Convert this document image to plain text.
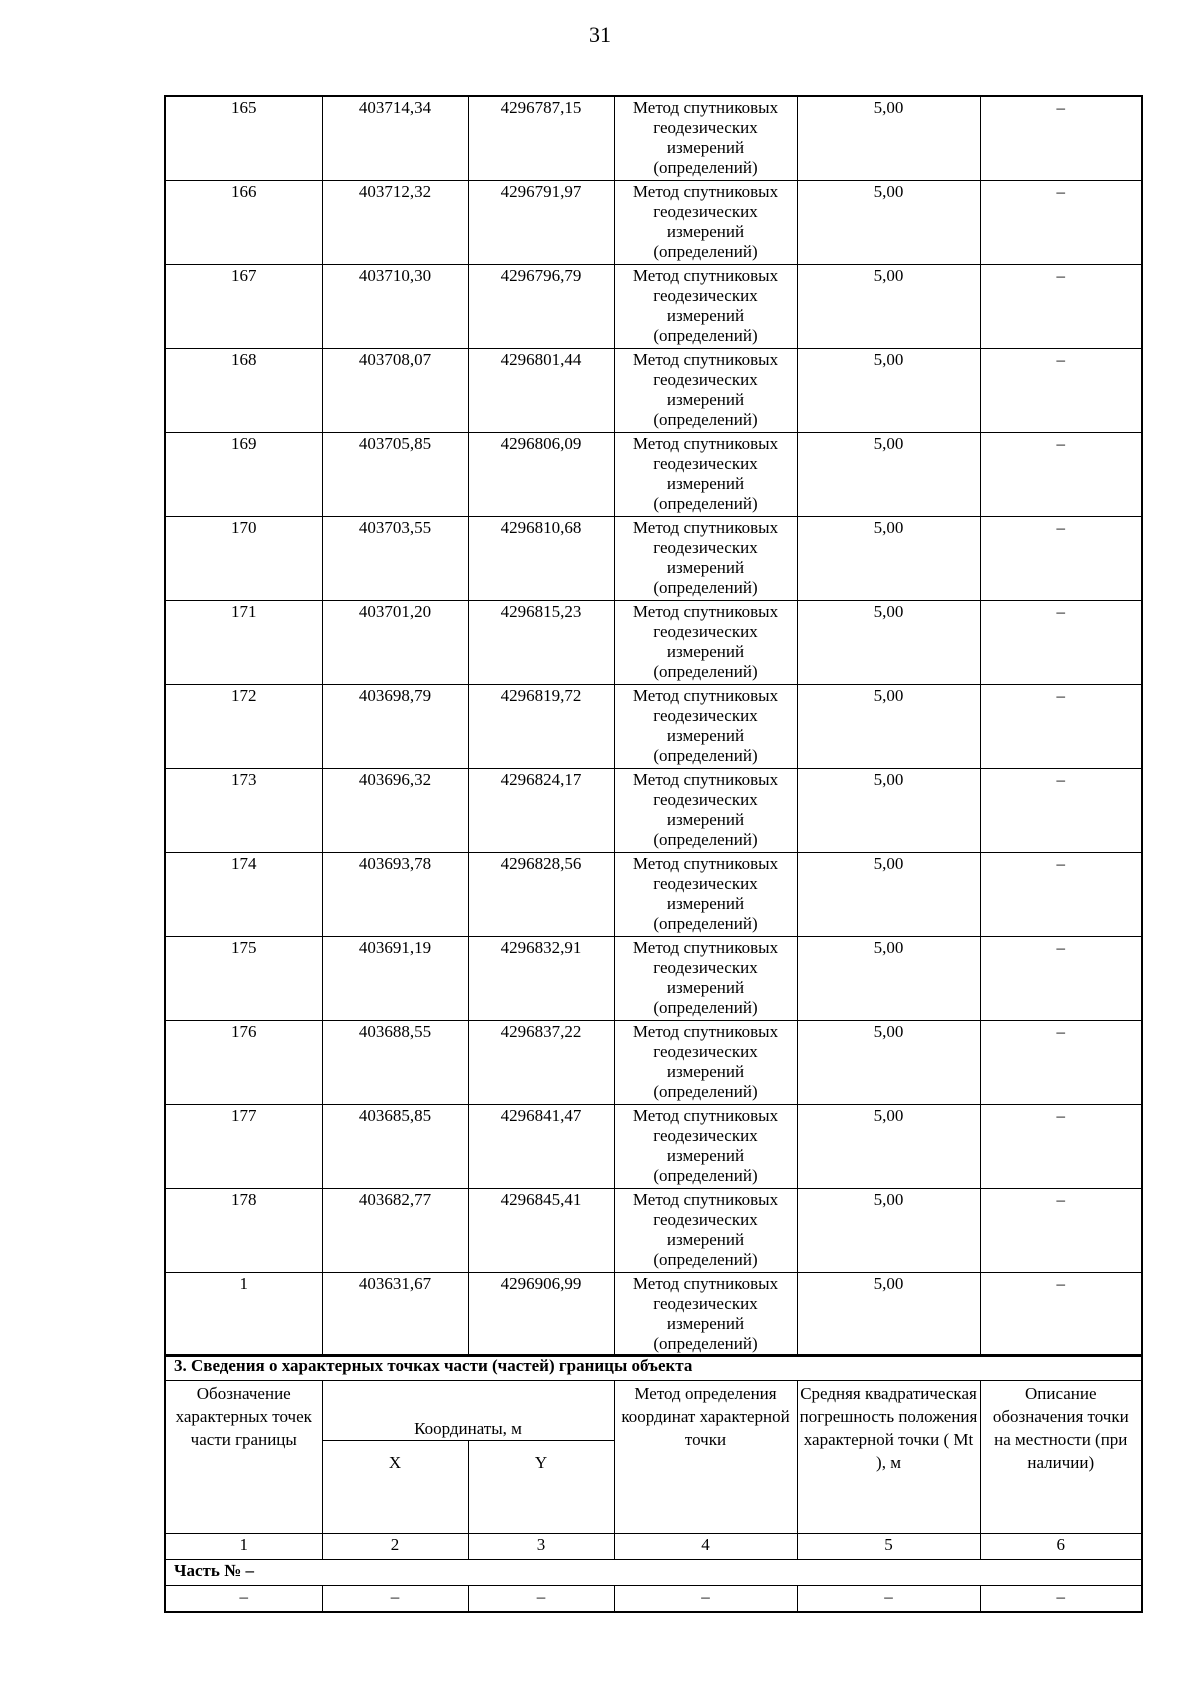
31
165	403714,34	4296787,15	Метод спутниковых геодезических измерений (определений)	5,00	–
166	403712,32	4296791,97	Метод спутниковых геодезических измерений (определений)	5,00	–
167	403710,30	4296796,79	Метод спутниковых геодезических измерений (определений)	5,00	–
168	403708,07	4296801,44	Метод спутниковых геодезических измерений (определений)	5,00	–
169	403705,85	4296806,09	Метод спутниковых геодезических измерений (определений)	5,00	–
170	403703,55	4296810,68	Метод спутниковых геодезических измерений (определений)	5,00	–
171	403701,20	4296815,23	Метод спутниковых геодезических измерений (определений)	5,00	–
172	403698,79	4296819,72	Метод спутниковых геодезических измерений (определений)	5,00	–
173	403696,32	4296824,17	Метод спутниковых геодезических измерений (определений)	5,00	–
174	403693,78	4296828,56	Метод спутниковых геодезических измерений (определений)	5,00	–
175	403691,19	4296832,91	Метод спутниковых геодезических измерений (определений)	5,00	–
176	403688,55	4296837,22	Метод спутниковых геодезических измерений (определений)	5,00	–
177	403685,85	4296841,47	Метод спутниковых геодезических измерений (определений)	5,00	–
178	403682,77	4296845,41	Метод спутниковых геодезических измерений (определений)	5,00	–
1	403631,67	4296906,99	Метод спутниковых геодезических измерений (определений)	5,00	–
3. Сведения о характерных точках части (частей) границы объекта					
Обозначение характерных точек части границы	Координаты, м		Метод определения координат характерной точки	Средняя квадратическая погрешность положения характерной точки ( Mt ), м	Описание обозначения точки на местности (при наличии)
	X	Y			
1	2	3	4	5	6
Часть № –					
–	–	–	–	–	–
